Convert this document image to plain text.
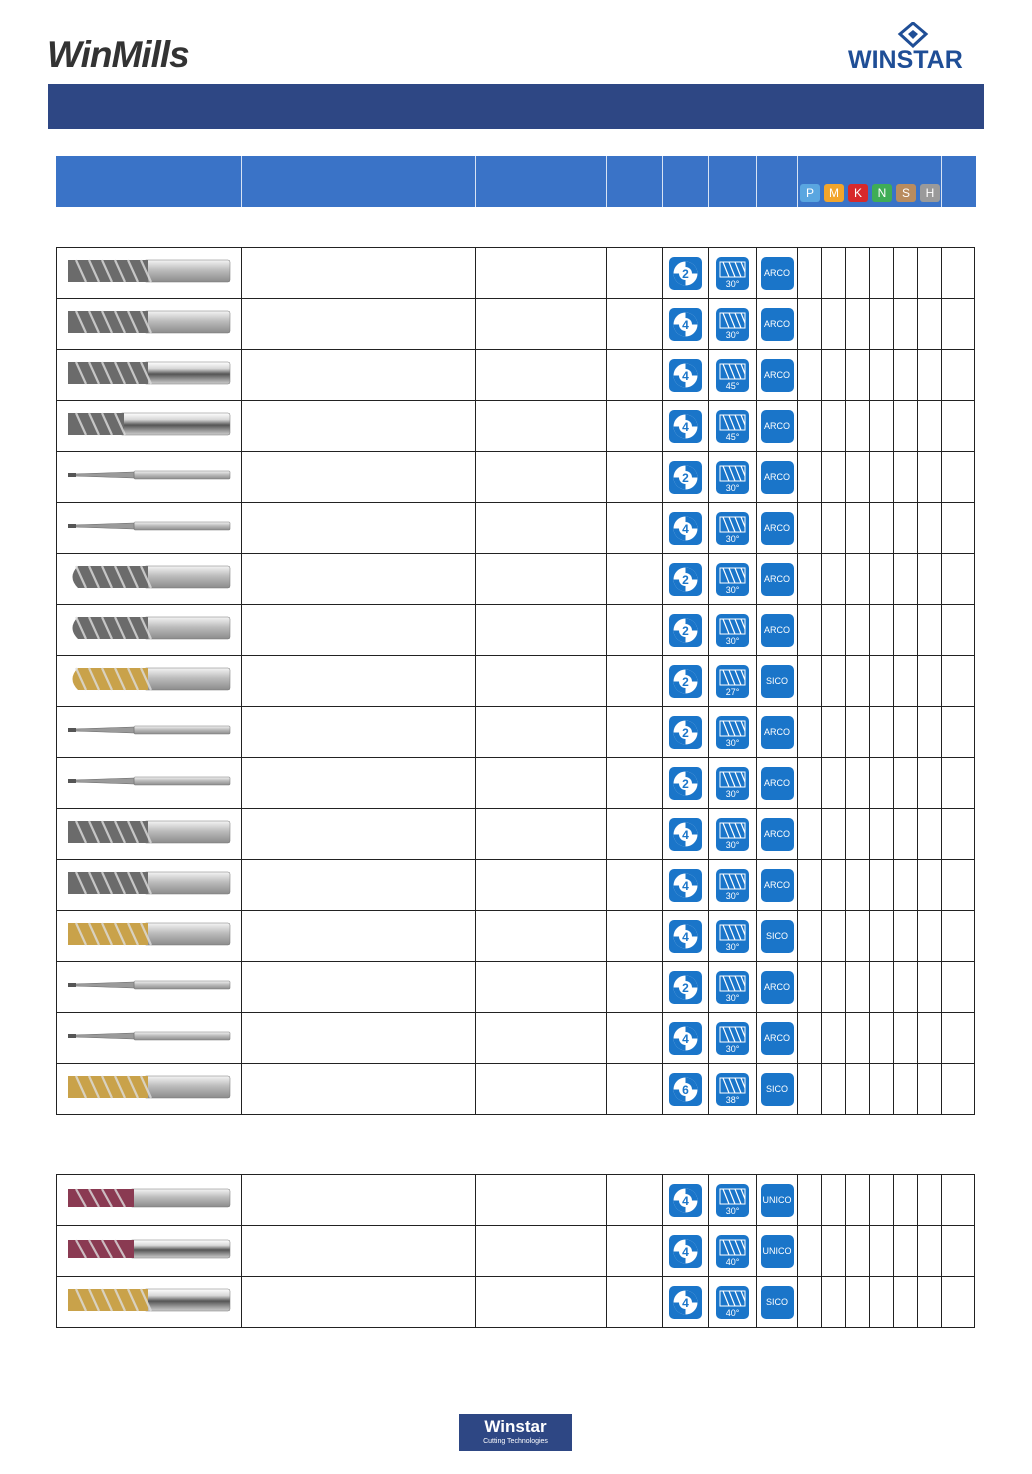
WinMills	WINSTAR
P	M	K	N	S	H

2	30°	ARCO							

4	30°	ARCO							

4	45°	ARCO							

4	45°	ARCO							

2	30°	ARCO							

4	30°	ARCO							

2	30°	ARCO							

2	30°	ARCO							

2	27°	SICO							

2	30°	ARCO							

2	30°	ARCO							

4	30°	ARCO							

4	30°	ARCO							

4	30°	SICO							

2	30°	ARCO							

4	30°	ARCO							

6	38°	SICO							

4	30°	UNICO							

4	40°	UNICO							

4	40°	SICO							

Winstar
Cutting Technologies
